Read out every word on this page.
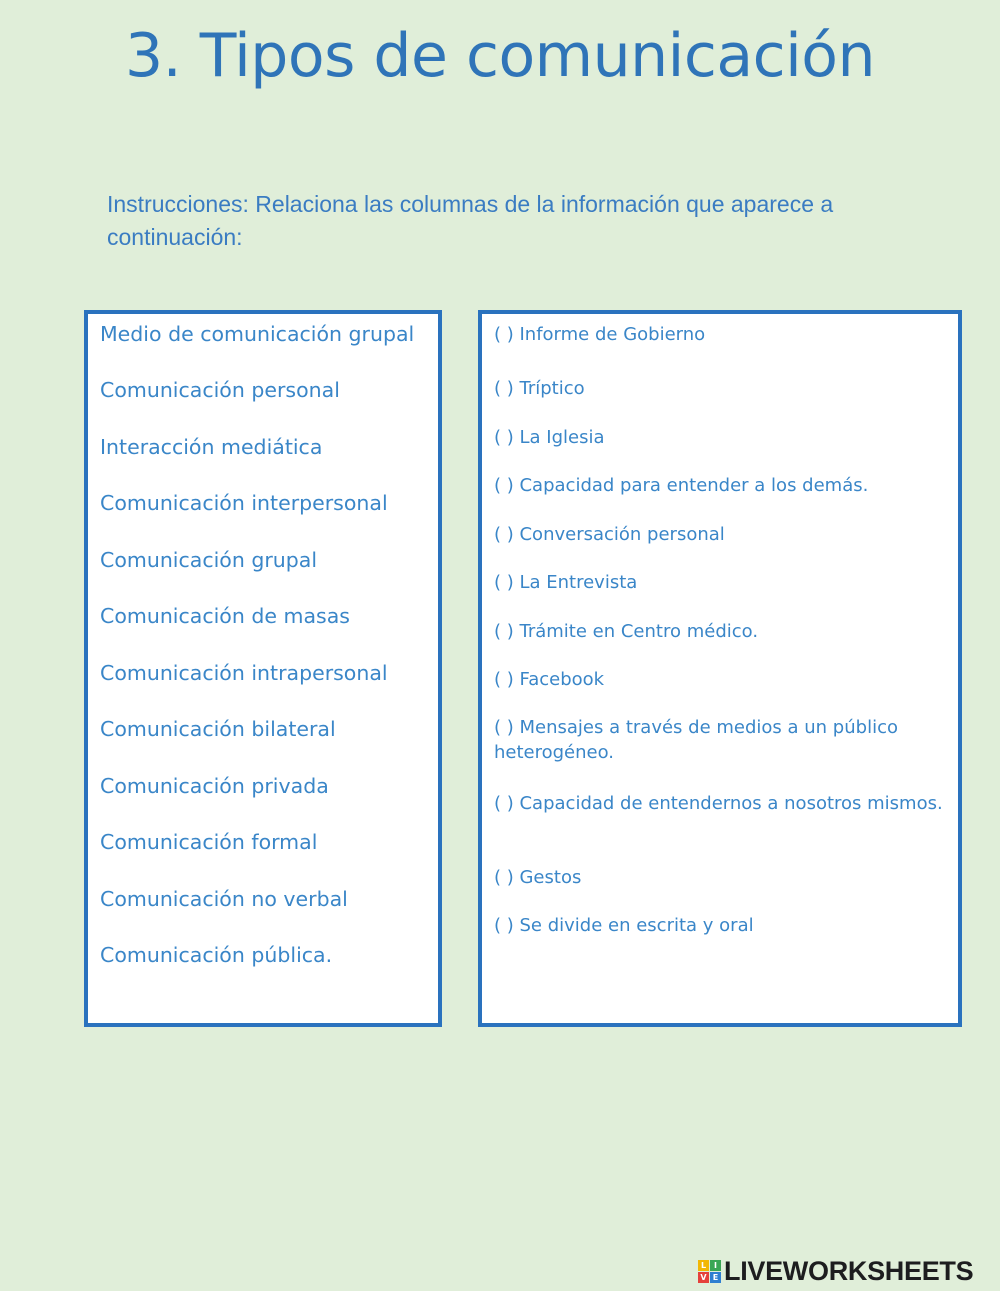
3. Tipos de comunicación
Instrucciones: Relaciona las columnas de la información que aparece a continuación:
Medio de comunicación grupal
Comunicación personal
Interacción mediática
Comunicación interpersonal
Comunicación grupal
Comunicación de masas
Comunicación intrapersonal
Comunicación bilateral
Comunicación privada
Comunicación formal
Comunicación no verbal
Comunicación pública.
( ) Informe de Gobierno
( ) Tríptico
( ) La Iglesia
( ) Capacidad para entender a los demás.
( ) Conversación personal
( ) La Entrevista
( ) Trámite en Centro médico.
( ) Facebook
( ) Mensajes a través de medios a un público heterogéneo.
( ) Capacidad de entendernos a nosotros mismos.
( ) Gestos
( ) Se divide en escrita y oral
L I
V E LIVEWORKSHEETS
